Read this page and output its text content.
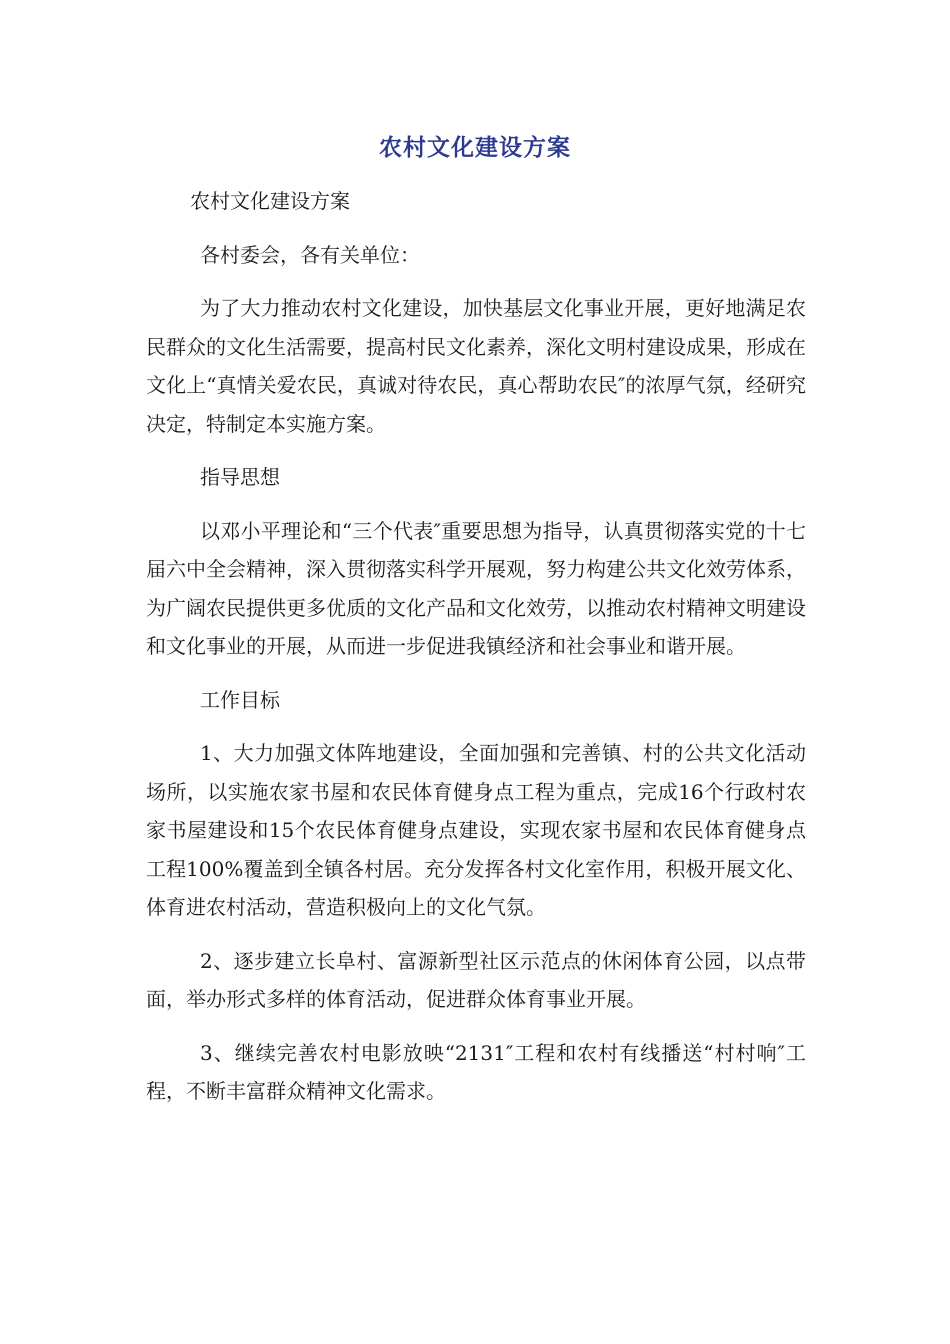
农村文化建设方案

农村文化建设方案

各村委会，各有关单位：

为了大力推动农村文化建设，加快基层文化事业开展，更好地满足农民群众的文化生活需要，提高村民文化素养，深化文明村建设成果，形成在文化上“真情关爱农民，真诚对待农民，真心帮助农民″的浓厚气氛，经研究决定，特制定本实施方案。

指导思想

以邓小平理论和“三个代表″重要思想为指导，认真贯彻落实党的十七届六中全会精神，深入贯彻落实科学开展观，努力构建公共文化效劳体系，为广阔农民提供更多优质的文化产品和文化效劳，以推动农村精神文明建设和文化事业的开展，从而进一步促进我镇经济和社会事业和谐开展。

工作目标

1、大力加强文体阵地建设，全面加强和完善镇、村的公共文化活动场所，以实施农家书屋和农民体育健身点工程为重点，完成16个行政村农家书屋建设和15个农民体育健身点建设，实现农家书屋和农民体育健身点工程100%覆盖到全镇各村居。充分发挥各村文化室作用，积极开展文化、体育进农村活动，营造积极向上的文化气氛。

2、逐步建立长阜村、富源新型社区示范点的休闲体育公园，以点带面，举办形式多样的体育活动，促进群众体育事业开展。

3、继续完善农村电影放映“2131″工程和农村有线播送“村村响″工程，不断丰富群众精神文化需求。
